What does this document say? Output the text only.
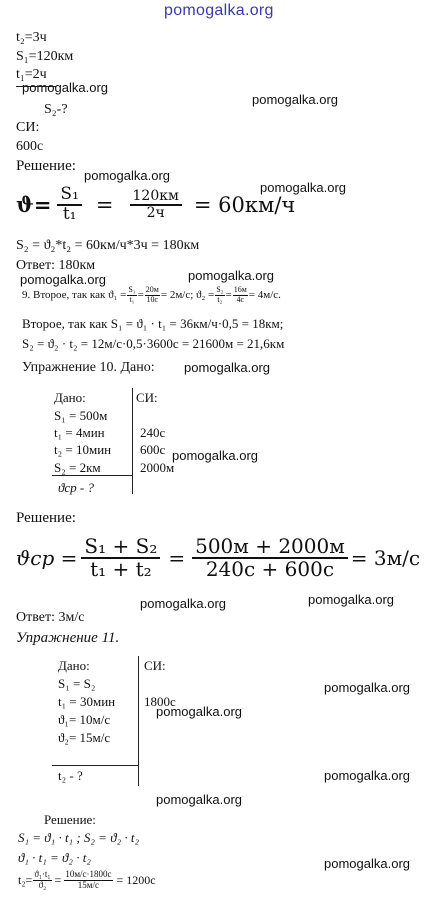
pomogalka.org
t₂=3ч
S₁=120км
t₁=2ч
pomogalka.org
S₂-?
pomogalka.org
СИ:
600с
Решение:
pomogalka.org
pomogalka.org
$ϑ= \frac{\text{S₁}}{\text{t₁}} = \frac{120км}{2ч} = 60км/ч$
S₂ = ϑ₂*t₂ = 60км/ч*3ч = 180км
Ответ: 180км
pomogalka.org
pomogalka.org
9. Второе, так как $ϑ_1 = \frac{\text{S₁}}{\text{t₁}} = \frac{20м}{10с} = 2м/с$; $ϑ_2 = \frac{\text{S₂}}{\text{t₂}} = \frac{16м}{4с} = 4м/с$.
Второе, так как S₁ = ϑ₁ · t₁ = 36км/ч·0,5 = 18км;
S₂ = ϑ₂ · t₂ = 12м/с·0,5·3600с = 21600м = 21,6км
Упражнение 10. Дано: pomogalka.org
Дано:
S₁ = 500м
t₁ = 4мин
t₂ = 10мин
S₂ = 2км
ϑср - ?
СИ:
240с
600с
2000м
pomogalka.org
Решение:
$ϑср = \frac{\text{S₁ + S₂}}{\text{t₁ + t₂}} = \frac{500м + 2000м}{240с + 600с} = 3м/с$
pomogalka.org	pomogalka.org
Ответ: 3м/с
Упражнение 11.
Дано:
S₁ = S₂
t₁ = 30мин
ϑ₁= 10м/с
ϑ₂= 15м/с
t₂ - ?
СИ:
1800с
pomogalka.org
pomogalka.org
pomogalka.org
pomogalka.org
Решение:
S₁ = ϑ₁ · t₁ ; S₂ = ϑ₂ · t₂
ϑ₁ · t₁ = ϑ₂ · t₂	pomogalka.org
$t_2= \frac{\text{ϑ₁·t₁}}{\text{ϑ₂}} = \frac{10м/с\cdot 1800с}{15м/с} = 1200с$
